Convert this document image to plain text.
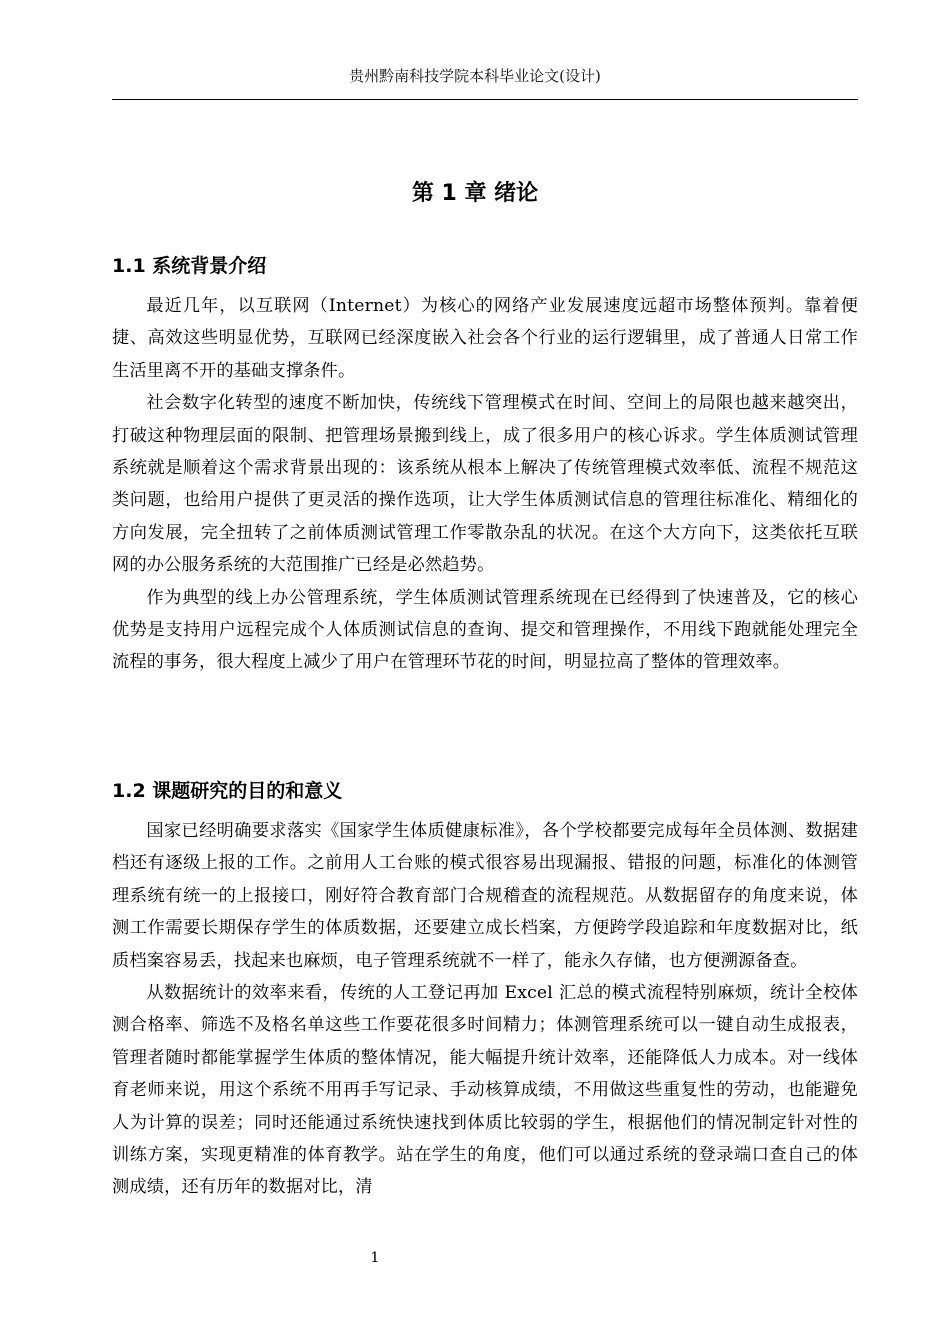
贵州黔南科技学院本科毕业论文(设计)
第 1 章 绪论
1.1 系统背景介绍

最近几年，以互联网（Internet）为核心的网络产业发展速度远超市场整体预判。靠着便捷、高效这些明显优势，互联网已经深度嵌入社会各个行业的运行逻辑里，成了普通人日常工作生活里离不开的基础支撑条件。

社会数字化转型的速度不断加快，传统线下管理模式在时间、空间上的局限也越来越突出，打破这种物理层面的限制、把管理场景搬到线上，成了很多用户的核心诉求。学生体质测试管理系统就是顺着这个需求背景出现的：该系统从根本上解决了传统管理模式效率低、流程不规范这类问题，也给用户提供了更灵活的操作选项，让大学生体质测试信息的管理往标准化、精细化的方向发展，完全扭转了之前体质测试管理工作零散杂乱的状况。在这个大方向下，这类依托互联网的办公服务系统的大范围推广已经是必然趋势。

作为典型的线上办公管理系统，学生体质测试管理系统现在已经得到了快速普及，它的核心优势是支持用户远程完成个人体质测试信息的查询、提交和管理操作，不用线下跑就能处理完全流程的事务，很大程度上减少了用户在管理环节花的时间，明显拉高了整体的管理效率。

1.2 课题研究的目的和意义

国家已经明确要求落实《国家学生体质健康标准》，各个学校都要完成每年全员体测、数据建档还有逐级上报的工作。之前用人工台账的模式很容易出现漏报、错报的问题，标准化的体测管理系统有统一的上报接口，刚好符合教育部门合规稽查的流程规范。从数据留存的角度来说，体测工作需要长期保存学生的体质数据，还要建立成长档案，方便跨学段追踪和年度数据对比，纸质档案容易丢，找起来也麻烦，电子管理系统就不一样了，能永久存储，也方便溯源备查。

从数据统计的效率来看，传统的人工登记再加 Excel 汇总的模式流程特别麻烦，统计全校体测合格率、筛选不及格名单这些工作要花很多时间精力；体测管理系统可以一键自动生成报表，管理者随时都能掌握学生体质的整体情况，能大幅提升统计效率，还能降低人力成本。对一线体育老师来说，用这个系统不用再手写记录、手动核算成绩，不用做这些重复性的劳动，也能避免人为计算的误差；同时还能通过系统快速找到体质比较弱的学生，根据他们的情况制定针对性的训练方案，实现更精准的体育教学。站在学生的角度，他们可以通过系统的登录端口查自己的体测成绩，还有历年的数据对比，清

1
